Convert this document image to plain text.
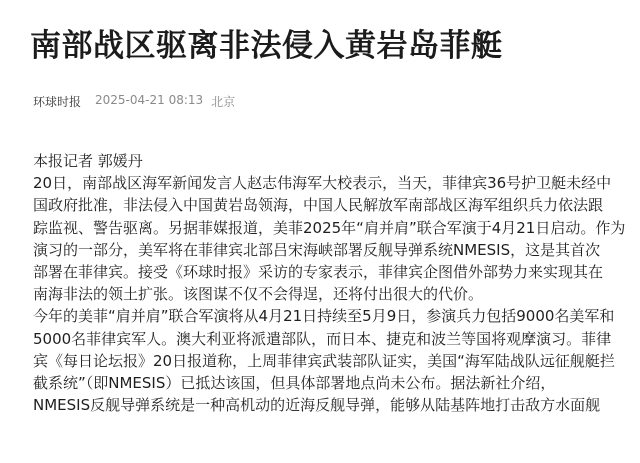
南部战区驱离非法侵入黄岩岛菲艇
环球时报 2025-04-21 08:13 北京
本报记者 郭媛丹
20日，南部战区海军新闻发言人赵志伟海军大校表示，当天，菲律宾36号护卫艇未经中
国政府批准，非法侵入中国黄岩岛领海，中国人民解放军南部战区海军组织兵力依法跟
踪监视、警告驱离。另据菲媒报道，美菲2025年“肩并肩”联合军演于4月21日启动。作为
演习的一部分，美军将在菲律宾北部吕宋海峡部署反舰导弹系统NMESIS，这是其首次
部署在菲律宾。接受《环球时报》采访的专家表示，菲律宾企图借外部势力来实现其在
南海非法的领土扩张。该图谋不仅不会得逞，还将付出很大的代价。
今年的美菲“肩并肩”联合军演将从4月21日持续至5月9日，参演兵力包括9000名美军和
5000名菲律宾军人。澳大利亚将派遣部队，而日本、捷克和波兰等国将观摩演习。菲律
宾《每日论坛报》20日报道称，上周菲律宾武装部队证实，美国“海军陆战队远征舰艇拦
截系统”（即NMESIS）已抵达该国，但具体部署地点尚未公布。据法新社介绍，
NMESIS反舰导弹系统是一种高机动的近海反舰导弹，能够从陆基阵地打击敌方水面舰
